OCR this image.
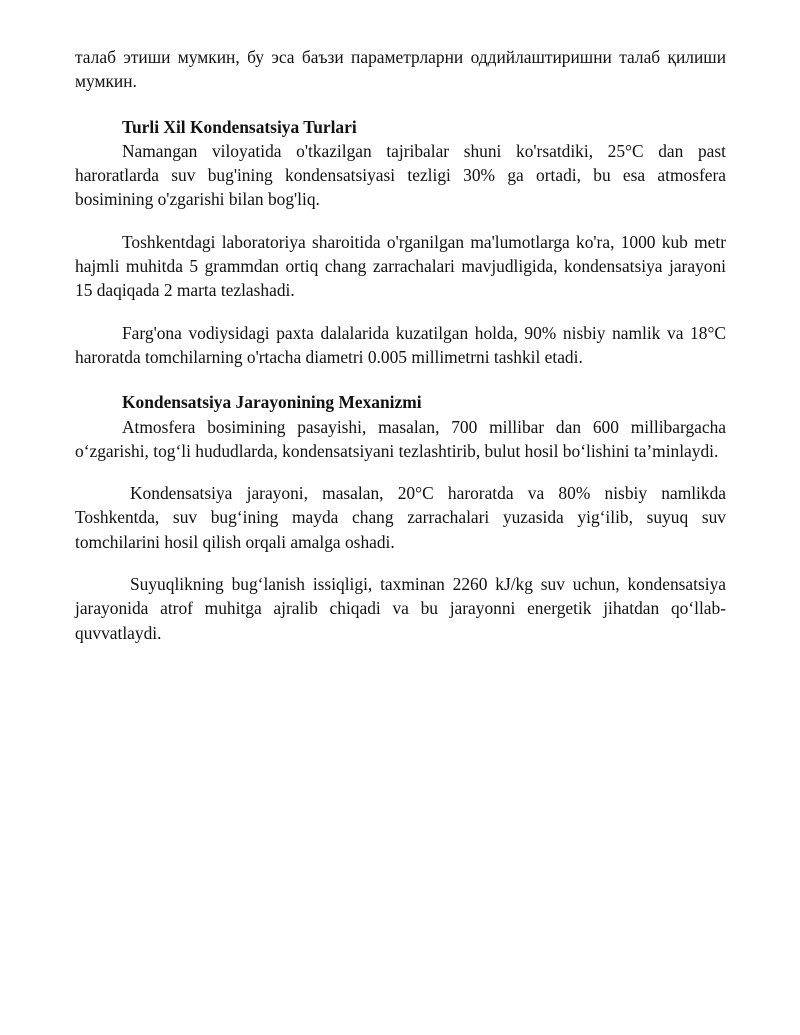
талаб этиши мумкин, бу эса баъзи параметрларни оддийлаштиришни талаб қилиши мумкин.

Turli Xil Kondensatsiya Turlari

Namangan viloyatida o'tkazilgan tajribalar shuni ko'rsatdiki, 25°C dan past haroratlarda suv bug'ining kondensatsiyasi tezligi 30% ga ortadi, bu esa atmosfera bosimining o'zgarishi bilan bog'liq.

Toshkentdagi laboratoriya sharoitida o'rganilgan ma'lumotlarga ko'ra, 1000 kub metr hajmli muhitda 5 grammdan ortiq chang zarrachalari mavjudligida, kondensatsiya jarayoni 15 daqiqada 2 marta tezlashadi.

Farg'ona vodiysidagi paxta dalalarida kuzatilgan holda, 90% nisbiy namlik va 18°C haroratda tomchilarning o'rtacha diametri 0.005 millimetrni tashkil etadi.

Kondensatsiya Jarayonining Mexanizmi

Atmosfera bosimining pasayishi, masalan, 700 millibar dan 600 millibargacha o‘zgarishi, tog‘li hududlarda, kondensatsiyani tezlashtirib, bulut hosil bo‘lishini ta’minlaydi.

Kondensatsiya jarayoni, masalan, 20°C haroratda va 80% nisbiy namlikda Toshkentda, suv bug‘ining mayda chang zarrachalari yuzasida yig‘ilib, suyuq suv tomchilarini hosil qilish orqali amalga oshadi.

Suyuqlikning bug‘lanish issiqligi, taxminan 2260 kJ/kg suv uchun, kondensatsiya jarayonida atrof muhitga ajralib chiqadi va bu jarayonni energetik jihatdan qo‘llab-quvvatlaydi.
